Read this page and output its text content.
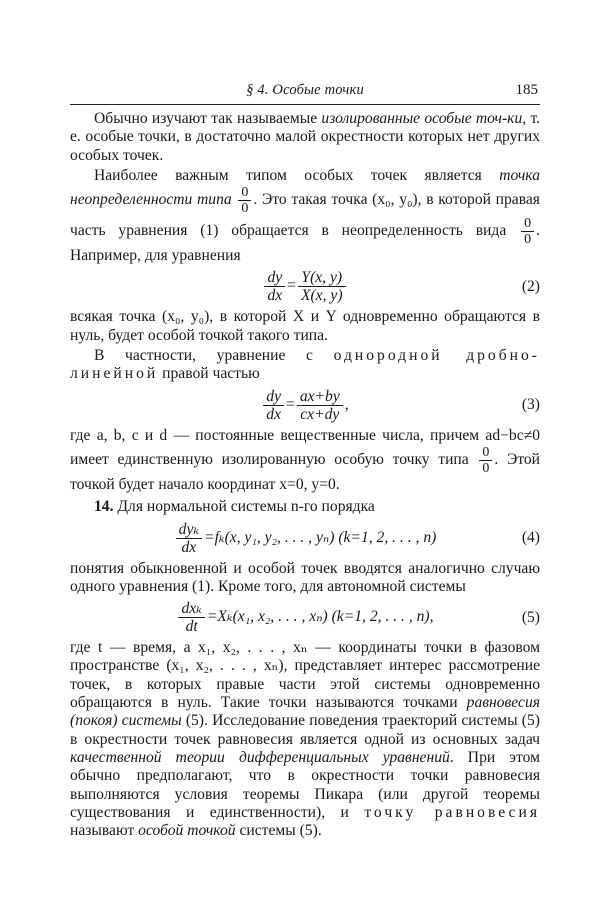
§ 4. Особые точки	185

Обычно изучают так называемые изолированные особые точ-ки, т. е. особые точки, в достаточно малой окрестности которых нет других особых точек.

Наиболее важным типом особых точек является точка неопределенности типа $\frac{0}{0}$ . Это такая точка (x₀, y₀), в которой правая часть уравнения (1) обращается в неопределенность вида $\frac{0}{0}$ . Например, для уравнения

$\frac{dy}{dx} = \frac{Y(x, y)}{X(x, y)}$	(2)

всякая точка (x₀, y₀), в которой X и Y одновременно обращаются в нуль, будет особой точкой такого типа.

В частности, уравнение с однородной дробно-линейной правой частью

$\frac{dy}{dx} = \frac{ax+by}{cx+dy}$ ,	(3)

где a, b, c и d — постоянные вещественные числа, причем ad−bc≠0 имеет единственную изолированную особую точку типа $\frac{0}{0}$ . Этой точкой будет начало координат x=0, y=0.

14. Для нормальной системы n-го порядка

$\frac{\text{dyₖ}}{dx} =f_k(x$, y₁, y₂, . . . , yₙ) (k=1, 2, . . . , n)	(4)

понятия обыкновенной и особой точек вводятся аналогично случаю одного уравнения (1). Кроме того, для автономной системы

$\frac{\text{dxₖ}}{dt} =X_k(x_1$, x₂, . . . , xₙ) (k=1, 2, . . . , n),	(5)

где t — время, а x₁, x₂, . . . , xₙ — координаты точки в фазовом пространстве (x₁, x₂, . . . , xₙ), представляет интерес рассмотрение точек, в которых правые части этой системы одновременно обращаются в нуль. Такие точки называются точками равновесия (покоя) системы (5). Исследование поведения траекторий системы (5) в окрестности точек равновесия является одной из основных задач качественной теории дифференциальных уравнений. При этом обычно предполагают, что в окрестности точки равновесия выполняются условия теоремы Пикара (или другой теоремы существования и единственности), и точку равновесия называют особой точкой системы (5).
